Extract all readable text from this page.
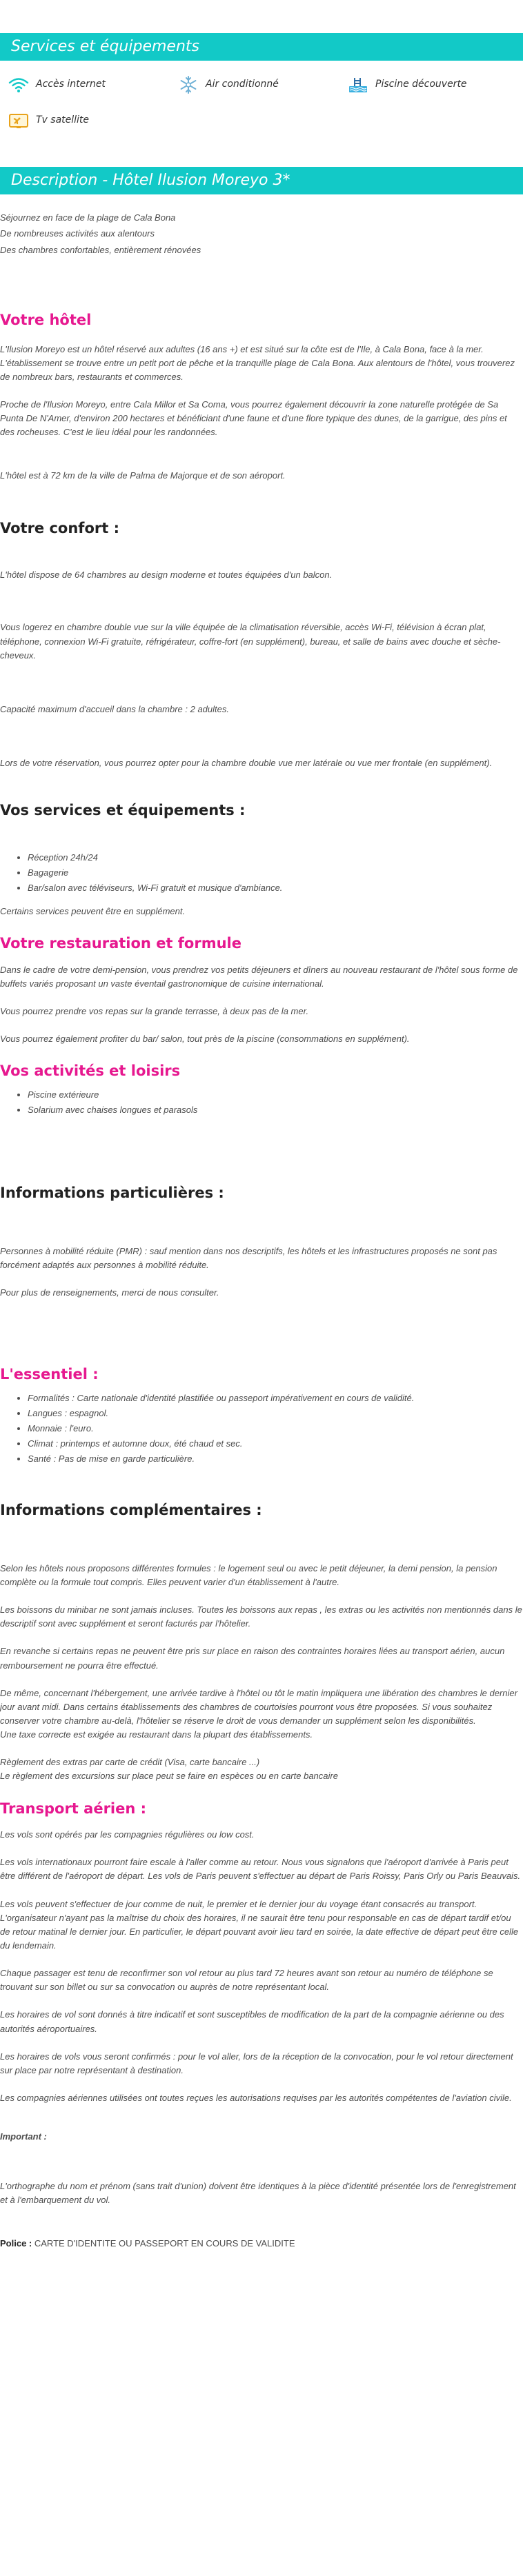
Services et équipements
Accès internet	Air conditionné	Piscine découverte
Tv satellite
Description - Hôtel Ilusion Moreyo 3*

Séjournez en face de la plage de Cala Bona

De nombreuses activités aux alentours

Des chambres confortables, entièrement rénovées

Votre hôtel

L'Ilusion Moreyo est un hôtel réservé aux adultes (16 ans +) et est situé sur la côte est de l'Ile, à Cala Bona, face à la mer. L'établissement se trouve entre un petit port de pêche et la tranquille plage de Cala Bona. Aux alentours de l'hôtel, vous trouverez de nombreux bars, restaurants et commerces.

Proche de l'Ilusion Moreyo, entre Cala Millor et Sa Coma, vous pourrez également découvrir la zone naturelle protégée de Sa Punta De N'Amer, d'environ 200 hectares et bénéficiant d'une faune et d'une flore typique des dunes, de la garrigue, des pins et des rocheuses. C'est le lieu idéal pour les randonnées.

L'hôtel est à 72 km de la ville de Palma de Majorque et de son aéroport.

Votre confort :

L'hôtel dispose de 64 chambres au design moderne et toutes équipées d'un balcon.

Vous logerez en chambre double vue sur la ville équipée de la climatisation réversible, accès Wi-Fi, télévision à écran plat, téléphone, connexion Wi-Fi gratuite, réfrigérateur, coffre-fort (en supplément), bureau, et salle de bains avec douche et sèche-cheveux.

Capacité maximum d'accueil dans la chambre : 2 adultes.

Lors de votre réservation, vous pourrez opter pour la chambre double vue mer latérale ou vue mer frontale (en supplément).

Vos services et équipements :
• Réception 24h/24
• Bagagerie
• Bar/salon avec téléviseurs, Wi-Fi gratuit et musique d'ambiance.

Certains services peuvent être en supplément.

Votre restauration et formule

Dans le cadre de votre demi-pension, vous prendrez vos petits déjeuners et dîners au nouveau restaurant de l'hôtel sous forme de buffets variés proposant un vaste éventail gastronomique de cuisine international.

Vous pourrez prendre vos repas sur la grande terrasse, à deux pas de la mer.

Vous pourrez également profiter du bar/ salon, tout près de la piscine (consommations en supplément).

Vos activités et loisirs
• Piscine extérieure
• Solarium avec chaises longues et parasols
Informations particulières :

Personnes à mobilité réduite (PMR) : sauf mention dans nos descriptifs, les hôtels et les infrastructures proposés ne sont pas forcément adaptés aux personnes à mobilité réduite.

Pour plus de renseignements, merci de nous consulter.

L'essentiel :
• Formalités : Carte nationale d'identité plastifiée ou passeport impérativement en cours de validité.
• Langues : espagnol.
• Monnaie : l'euro.
• Climat : printemps et automne doux, été chaud et sec.
• Santé : Pas de mise en garde particulière.
Informations complémentaires :

Selon les hôtels nous proposons différentes formules : le logement seul ou avec le petit déjeuner, la demi pension, la pension complète ou la formule tout compris. Elles peuvent varier d'un établissement à l'autre.

Les boissons du minibar ne sont jamais incluses. Toutes les boissons aux repas , les extras ou les activités non mentionnés dans le descriptif sont avec supplément et seront facturés par l'hôtelier.

En revanche si certains repas ne peuvent être pris sur place en raison des contraintes horaires liées au transport aérien, aucun remboursement ne pourra être effectué.

De même, concernant l'hébergement, une arrivée tardive à l'hôtel ou tôt le matin impliquera une libération des chambres le dernier jour avant midi. Dans certains établissements des chambres de courtoisies pourront vous être proposées. Si vous souhaitez conserver votre chambre au-delà, l'hôtelier se réserve le droit de vous demander un supplément selon les disponibilités.

Une taxe correcte est exigée au restaurant dans la plupart des établissements.

Règlement des extras par carte de crédit (Visa, carte bancaire ...)

Le règlement des excursions sur place peut se faire en espèces ou en carte bancaire

Transport aérien :

Les vols sont opérés par les compagnies régulières ou low cost.

Les vols internationaux pourront faire escale à l'aller comme au retour. Nous vous signalons que l'aéroport d'arrivée à Paris peut être différent de l'aéroport de départ. Les vols de Paris peuvent s'effectuer au départ de Paris Roissy, Paris Orly ou Paris Beauvais.

Les vols peuvent s'effectuer de jour comme de nuit, le premier et le dernier jour du voyage étant consacrés au transport. L'organisateur n'ayant pas la maîtrise du choix des horaires, il ne saurait être tenu pour responsable en cas de départ tardif et/ou de retour matinal le dernier jour. En particulier, le départ pouvant avoir lieu tard en soirée, la date effective de départ peut être celle du lendemain.

Chaque passager est tenu de reconfirmer son vol retour au plus tard 72 heures avant son retour au numéro de téléphone se trouvant sur son billet ou sur sa convocation ou auprès de notre représentant local.

Les horaires de vol sont donnés à titre indicatif et sont susceptibles de modification de la part de la compagnie aérienne ou des autorités aéroportuaires.

Les horaires de vols vous seront confirmés : pour le vol aller, lors de la réception de la convocation, pour le vol retour directement sur place par notre représentant à destination.

Les compagnies aériennes utilisées ont toutes reçues les autorisations requises par les autorités compétentes de l'aviation civile.

Important :

L'orthographe du nom et prénom (sans trait d'union) doivent être identiques à la pièce d'identité présentée lors de l'enregistrement et à l'embarquement du vol.

Police : CARTE D'IDENTITE OU PASSEPORT EN COURS DE VALIDITE
